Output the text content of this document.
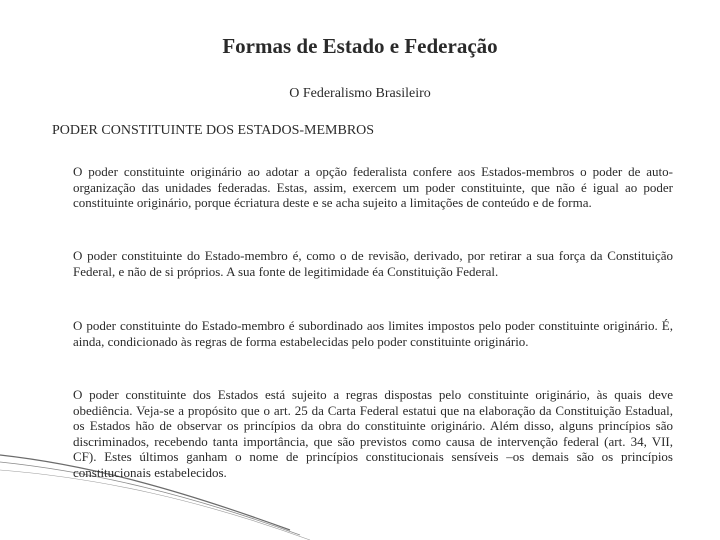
Formas de Estado e Federação
O Federalismo Brasileiro
PODER CONSTITUINTE DOS ESTADOS-MEMBROS

O poder constituinte originário ao adotar a opção federalista confere aos Estados-membros o poder de auto-organização das unidades federadas. Estas, assim, exercem um poder constituinte, que não é igual ao poder constituinte originário, porque écriatura deste e se acha sujeito a limitações de conteúdo e de forma.

O poder constituinte do Estado-membro é, como o de revisão, derivado, por retirar a sua força da Constituição Federal, e não de si próprios. A sua fonte de legitimidade éa Constituição Federal.

O poder constituinte do Estado-membro é subordinado aos limites impostos pelo poder constituinte originário. É, ainda, condicionado às regras de forma estabelecidas pelo poder constituinte originário.

O poder constituinte dos Estados está sujeito a regras dispostas pelo constituinte originário, às quais deve obediência. Veja-se a propósito que o art. 25 da Carta Federal estatui que na elaboração da Constituição Estadual, os Estados hão de observar os princípios da obra do constituinte originário. Além disso, alguns princípios são discriminados, recebendo tanta importância, que são previstos como causa de intervenção federal (art. 34, VII, CF). Estes últimos ganham o nome de princípios constitucionais sensíveis –os demais são os princípios constitucionais estabelecidos.
